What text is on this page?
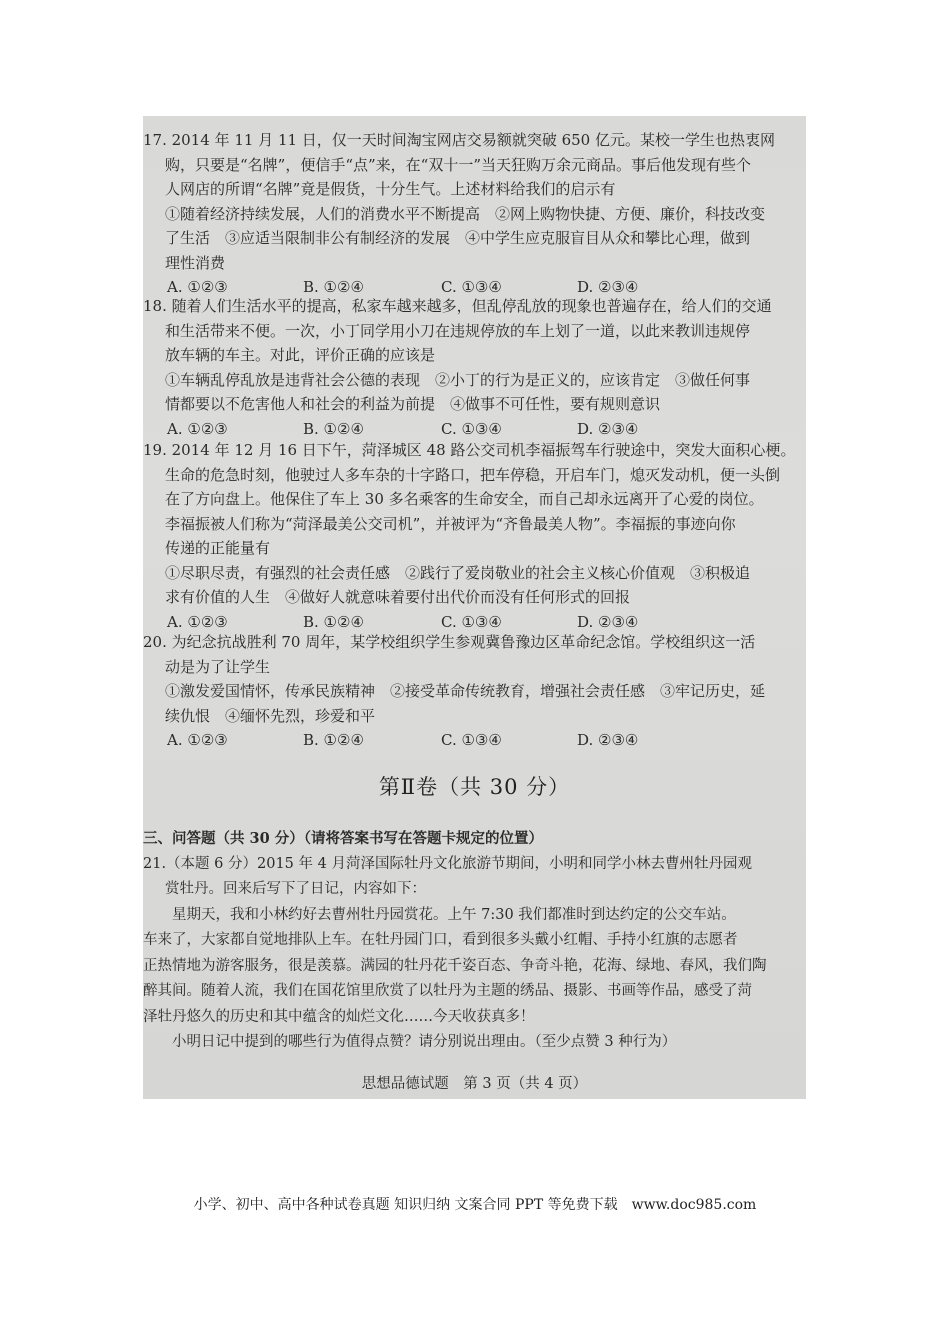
17. 2014 年 11 月 11 日，仅一天时间淘宝网店交易额就突破 650 亿元。某校一学生也热衷网
购，只要是“名牌”，便信手“点”来，在“双十一”当天狂购万余元商品。事后他发现有些个
人网店的所谓“名牌”竟是假货，十分生气。上述材料给我们的启示有
①随着经济持续发展，人们的消费水平不断提高　②网上购物快捷、方便、廉价，科技改变
了生活　③应适当限制非公有制经济的发展　④中学生应克服盲目从众和攀比心理，做到
理性消费
A. ①②③	B. ①②④	C. ①③④	D. ②③④
18. 随着人们生活水平的提高，私家车越来越多，但乱停乱放的现象也普遍存在，给人们的交通
和生活带来不便。一次，小丁同学用小刀在违规停放的车上划了一道，以此来教训违规停
放车辆的车主。对此，评价正确的应该是
①车辆乱停乱放是违背社会公德的表现　②小丁的行为是正义的，应该肯定　③做任何事
情都要以不危害他人和社会的利益为前提　④做事不可任性，要有规则意识
A. ①②③	B. ①②④	C. ①③④	D. ②③④
19. 2014 年 12 月 16 日下午，菏泽城区 48 路公交司机李福振驾车行驶途中，突发大面积心梗。
生命的危急时刻，他驶过人多车杂的十字路口，把车停稳，开启车门，熄灭发动机，便一头倒
在了方向盘上。他保住了车上 30 多名乘客的生命安全，而自己却永远离开了心爱的岗位。
李福振被人们称为“菏泽最美公交司机”，并被评为“齐鲁最美人物”。李福振的事迹向你
传递的正能量有
①尽职尽责，有强烈的社会责任感　②践行了爱岗敬业的社会主义核心价值观　③积极追
求有价值的人生　④做好人就意味着要付出代价而没有任何形式的回报
A. ①②③	B. ①②④	C. ①③④	D. ②③④
20. 为纪念抗战胜利 70 周年，某学校组织学生参观冀鲁豫边区革命纪念馆。学校组织这一活
动是为了让学生
①激发爱国情怀，传承民族精神　②接受革命传统教育，增强社会责任感　③牢记历史，延
续仇恨　④缅怀先烈，珍爱和平
A. ①②③	B. ①②④	C. ①③④	D. ②③④
第Ⅱ卷（共 30 分）
三、问答题（共 30 分）（请将答案书写在答题卡规定的位置）
21.（本题 6 分）2015 年 4 月菏泽国际牡丹文化旅游节期间，小明和同学小林去曹州牡丹园观
赏牡丹。回来后写下了日记，内容如下：
　　星期天，我和小林约好去曹州牡丹园赏花。上午 7:30 我们都准时到达约定的公交车站。
车来了，大家都自觉地排队上车。在牡丹园门口，看到很多头戴小红帽、手持小红旗的志愿者
正热情地为游客服务，很是羡慕。满园的牡丹花千姿百态、争奇斗艳，花海、绿地、春风，我们陶
醉其间。随着人流，我们在国花馆里欣赏了以牡丹为主题的绣品、摄影、书画等作品，感受了菏
泽牡丹悠久的历史和其中蕴含的灿烂文化……今天收获真多！
　　小明日记中提到的哪些行为值得点赞？请分别说出理由。（至少点赞 3 种行为）
思想品德试题　第 3 页（共 4 页）
小学、初中、高中各种试卷真题 知识归纳 文案合同 PPT 等免费下载　www.doc985.com
